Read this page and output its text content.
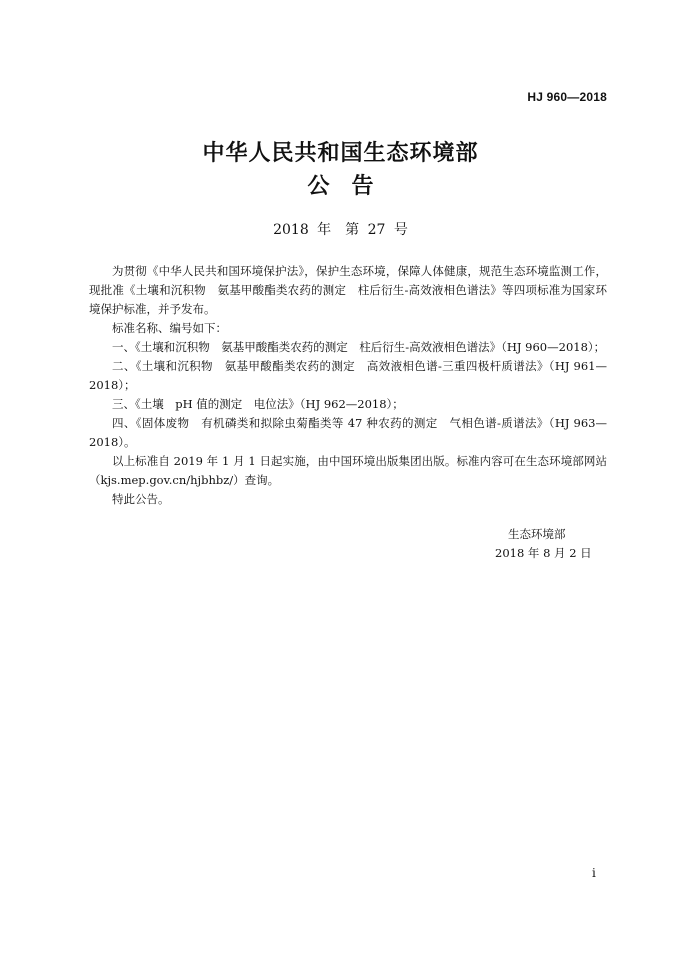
HJ 960—2018
中华人民共和国生态环境部
公告
2018 年　第 27 号

为贯彻《中华人民共和国环境保护法》，保护生态环境，保障人体健康，规范生态环境监测工作，现批准《土壤和沉积物　氨基甲酸酯类农药的测定　柱后衍生-高效液相色谱法》等四项标准为国家环境保护标准，并予发布。

标准名称、编号如下：

一、《土壤和沉积物　氨基甲酸酯类农药的测定　柱后衍生-高效液相色谱法》（HJ 960—2018）；

二、《土壤和沉积物　氨基甲酸酯类农药的测定　高效液相色谱-三重四极杆质谱法》（HJ 961—2018）；

三、《土壤　pH 值的测定　电位法》（HJ 962—2018）；

四、《固体废物　有机磷类和拟除虫菊酯类等 47 种农药的测定　气相色谱-质谱法》（HJ 963—2018）。

以上标准自 2019 年 1 月 1 日起实施，由中国环境出版集团出版。标准内容可在生态环境部网站（kjs.mep.gov.cn/hjbhbz/）查询。

特此公告。

生态环境部
2018 年 8 月 2 日
i
